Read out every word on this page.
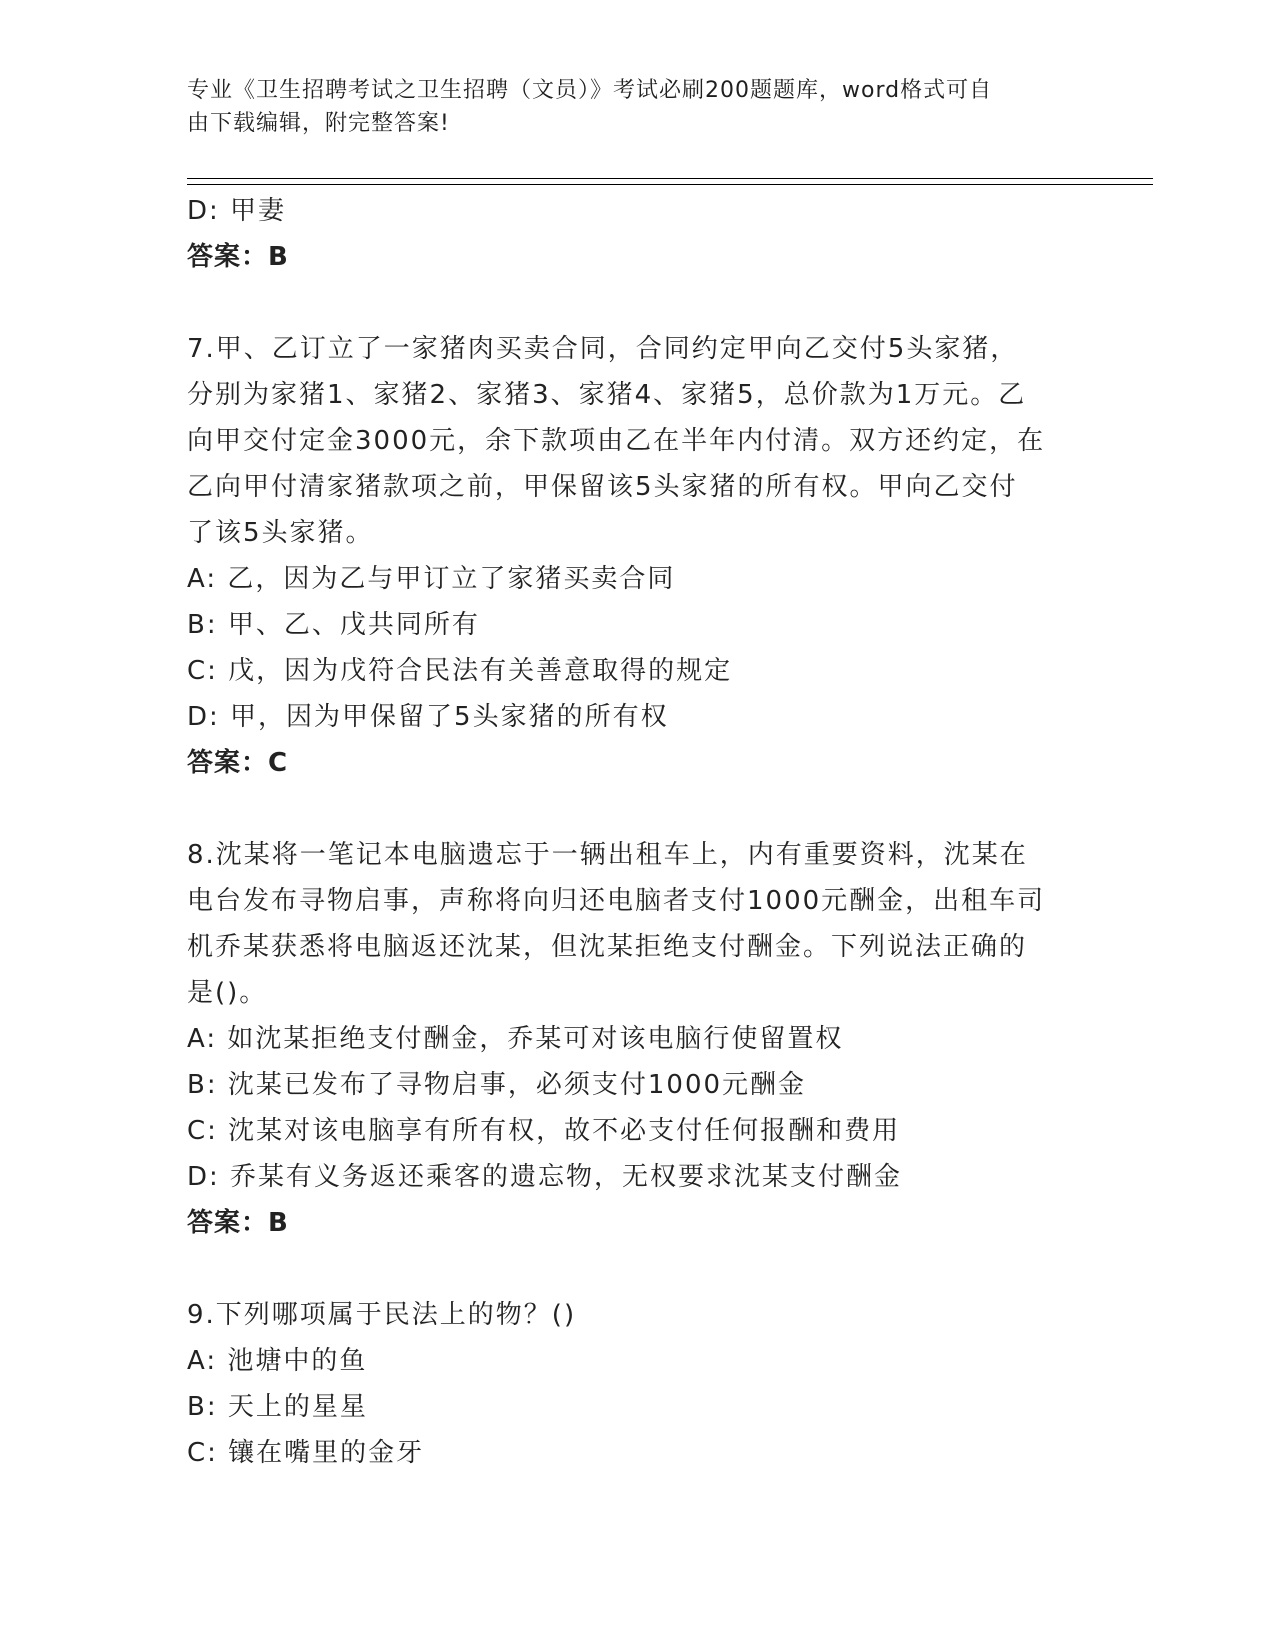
专业《卫生招聘考试之卫生招聘（文员）》考试必刷200题题库，word格式可自
由下载编辑，附完整答案!
D: 甲妻
答案：B
7.甲、乙订立了一家猪肉买卖合同，合同约定甲向乙交付5头家猪，
分别为家猪1、家猪2、家猪3、家猪4、家猪5，总价款为1万元。乙
向甲交付定金3000元，余下款项由乙在半年内付清。双方还约定，在
乙向甲付清家猪款项之前，甲保留该5头家猪的所有权。甲向乙交付
了该5头家猪。
A: 乙，因为乙与甲订立了家猪买卖合同
B: 甲、乙、戊共同所有
C: 戊，因为戊符合民法有关善意取得的规定
D: 甲，因为甲保留了5头家猪的所有权
答案：C
8.沈某将一笔记本电脑遗忘于一辆出租车上，内有重要资料，沈某在
电台发布寻物启事，声称将向归还电脑者支付1000元酬金，出租车司
机乔某获悉将电脑返还沈某，但沈某拒绝支付酬金。下列说法正确的
是()。
A: 如沈某拒绝支付酬金，乔某可对该电脑行使留置权
B: 沈某已发布了寻物启事，必须支付1000元酬金
C: 沈某对该电脑享有所有权，故不必支付任何报酬和费用
D: 乔某有义务返还乘客的遗忘物，无权要求沈某支付酬金
答案：B
9.下列哪项属于民法上的物？()
A: 池塘中的鱼
B: 天上的星星
C: 镶在嘴里的金牙
